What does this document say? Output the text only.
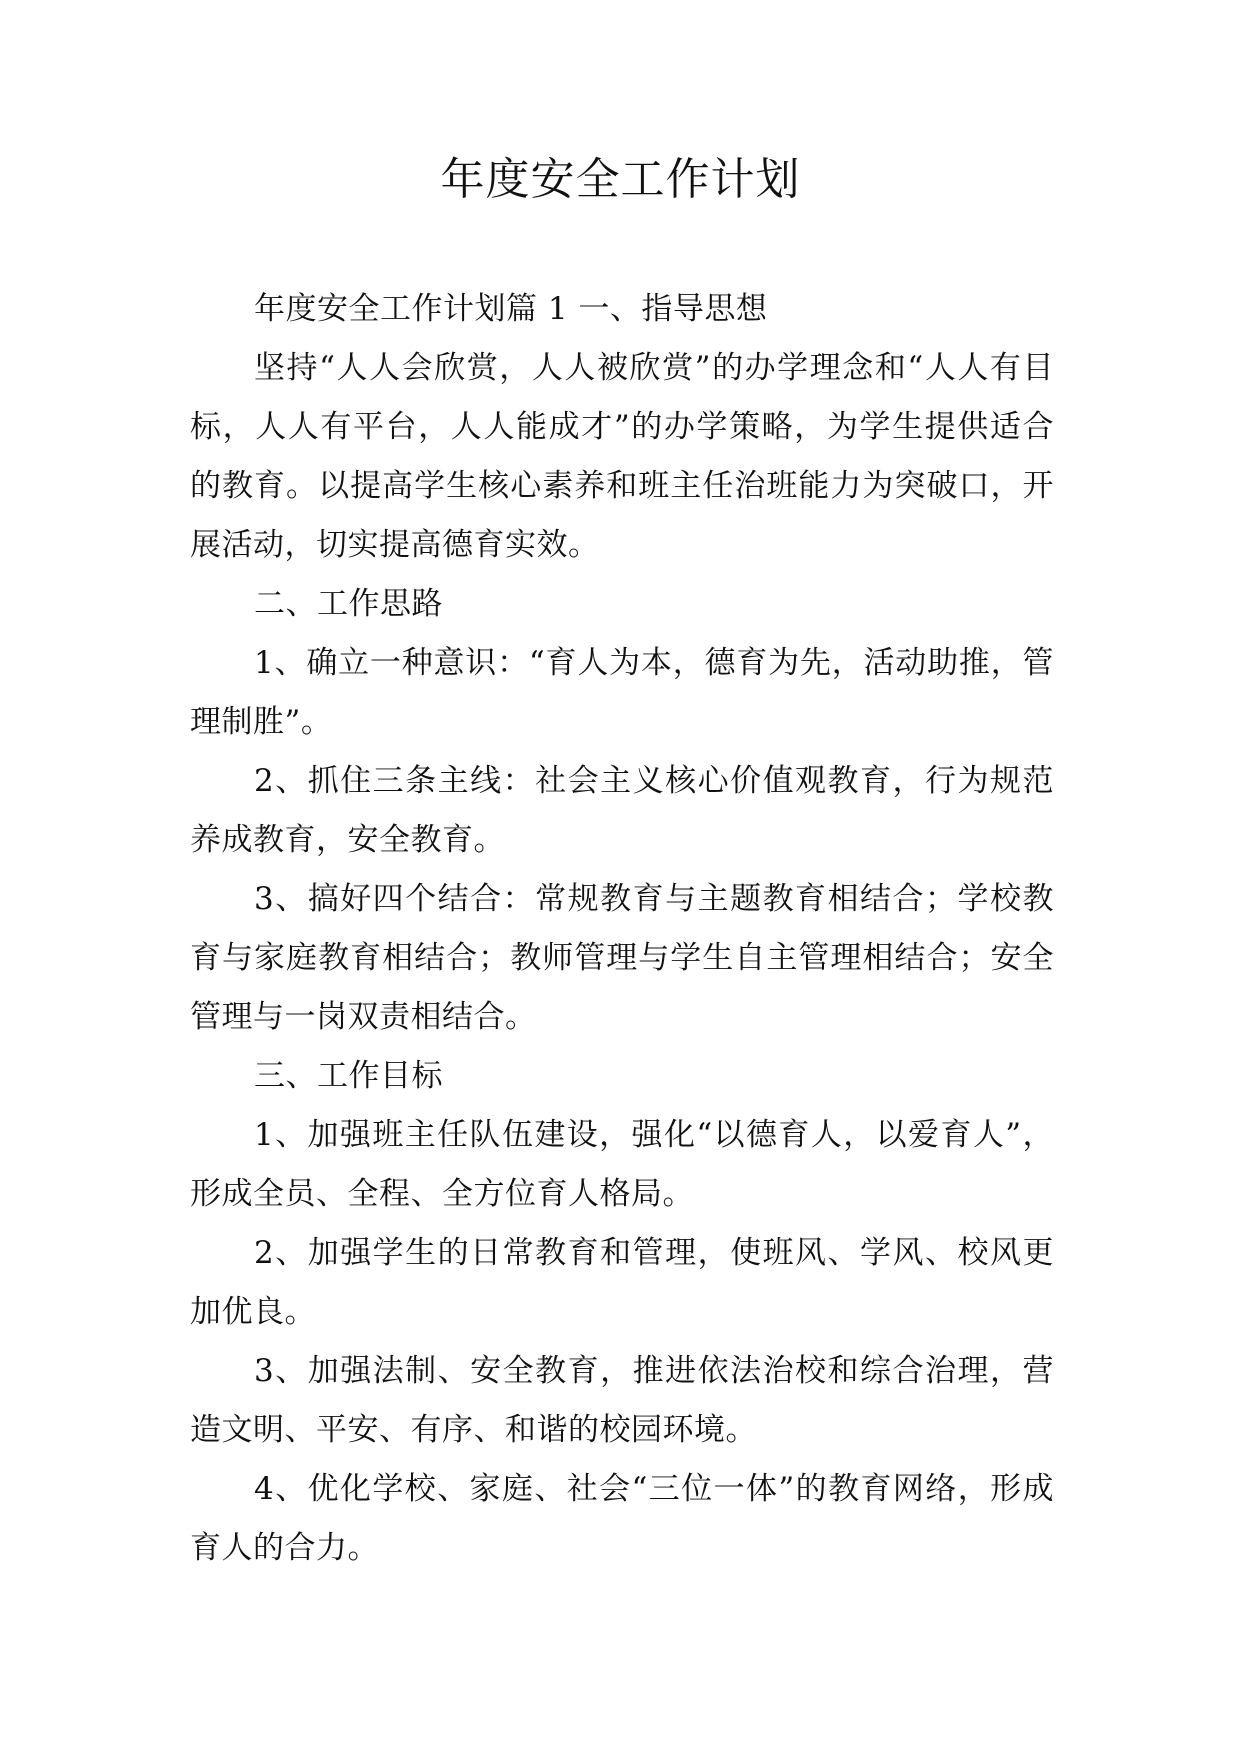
年度安全工作计划

年度安全工作计划篇 1 一、指导思想

坚持“人人会欣赏，人人被欣赏”的办学理念和“人人有目标，人人有平台，人人能成才”的办学策略，为学生提供适合的教育。以提高学生核心素养和班主任治班能力为突破口，开展活动，切实提高德育实效。

二、工作思路

1、确立一种意识：“育人为本，德育为先，活动助推，管理制胜”。

2、抓住三条主线：社会主义核心价值观教育，行为规范养成教育，安全教育。

3、搞好四个结合：常规教育与主题教育相结合；学校教育与家庭教育相结合；教师管理与学生自主管理相结合；安全管理与一岗双责相结合。

三、工作目标

1、加强班主任队伍建设，强化“以德育人，以爱育人”，形成全员、全程、全方位育人格局。

2、加强学生的日常教育和管理，使班风、学风、校风更加优良。

3、加强法制、安全教育，推进依法治校和综合治理，营造文明、平安、有序、和谐的校园环境。

4、优化学校、家庭、社会“三位一体”的教育网络，形成育人的合力。
